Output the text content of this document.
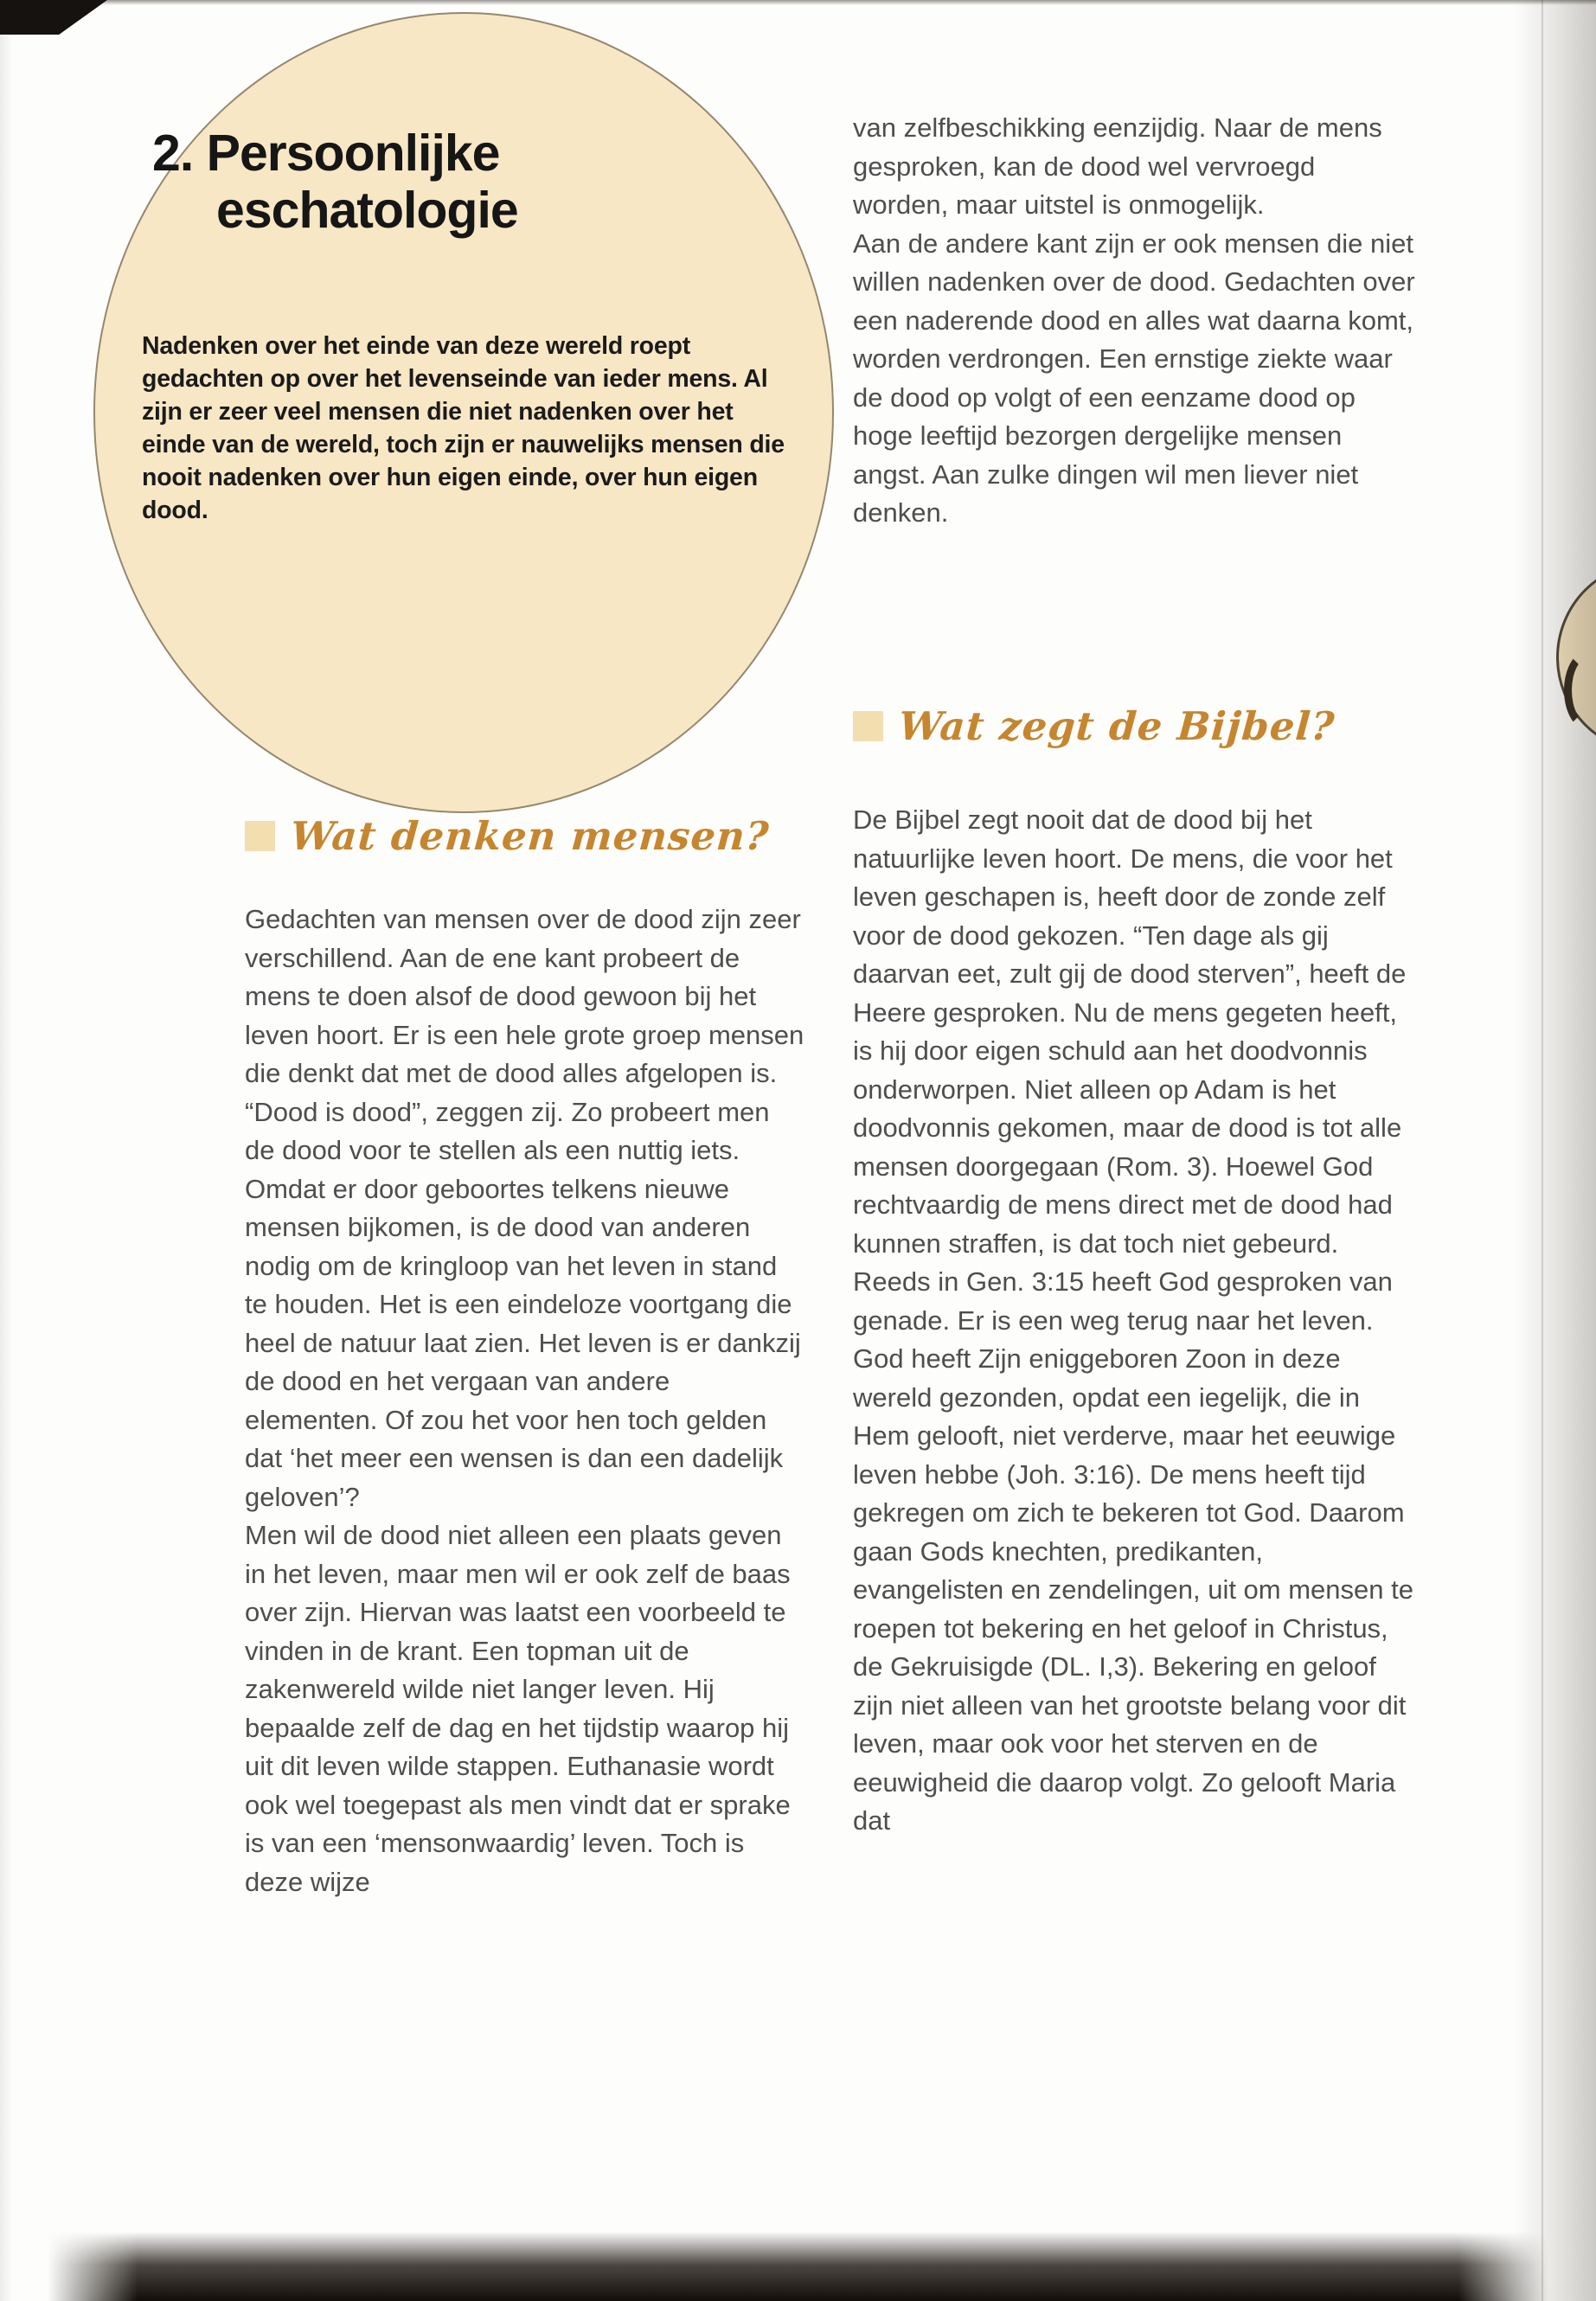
2. Persoonlijke
eschatologie

Nadenken over het einde van deze wereld roept gedachten op over het levenseinde van ieder mens. Al zijn er zeer veel mensen die niet nadenken over het einde van de wereld, toch zijn er nauwelijks mensen die nooit nadenken over hun eigen einde, over hun eigen dood.

van zelfbeschikking eenzijdig. Naar de mens gesproken, kan de dood wel vervroegd worden, maar uitstel is onmogelijk.

Aan de andere kant zijn er ook mensen die niet willen nadenken over de dood. Gedachten over een naderende dood en alles wat daarna komt, worden verdrongen. Een ernstige ziekte waar de dood op volgt of een eenzame dood op hoge leeftijd bezorgen dergelijke mensen angst. Aan zulke dingen wil men liever niet denken.

Wat denken mensen?

Gedachten van mensen over de dood zijn zeer verschillend. Aan de ene kant probeert de mens te doen alsof de dood gewoon bij het leven hoort. Er is een hele grote groep mensen die denkt dat met de dood alles afgelopen is. “Dood is dood”, zeggen zij. Zo probeert men de dood voor te stellen als een nuttig iets. Omdat er door geboortes telkens nieuwe mensen bijkomen, is de dood van anderen nodig om de kringloop van het leven in stand te houden. Het is een eindeloze voortgang die heel de natuur laat zien. Het leven is er dankzij de dood en het vergaan van andere elementen. Of zou het voor hen toch gelden dat ‘het meer een wensen is dan een dadelijk geloven’?

Men wil de dood niet alleen een plaats geven in het leven, maar men wil er ook zelf de baas over zijn. Hiervan was laatst een voorbeeld te vinden in de krant. Een topman uit de zakenwereld wilde niet langer leven. Hij bepaalde zelf de dag en het tijdstip waarop hij uit dit leven wilde stappen. Euthanasie wordt ook wel toegepast als men vindt dat er sprake is van een ‘mensonwaardig’ leven. Toch is deze wijze

Wat zegt de Bijbel?

De Bijbel zegt nooit dat de dood bij het natuurlijke leven hoort. De mens, die voor het leven geschapen is, heeft door de zonde zelf voor de dood gekozen. “Ten dage als gij daarvan eet, zult gij de dood sterven”, heeft de Heere gesproken. Nu de mens gegeten heeft, is hij door eigen schuld aan het doodvonnis onderworpen. Niet alleen op Adam is het doodvonnis gekomen, maar de dood is tot alle mensen doorgegaan (Rom. 3). Hoewel God rechtvaardig de mens direct met de dood had kunnen straffen, is dat toch niet gebeurd. Reeds in Gen. 3:15 heeft God gesproken van genade. Er is een weg terug naar het leven. God heeft Zijn eniggeboren Zoon in deze wereld gezonden, opdat een iegelijk, die in Hem gelooft, niet verderve, maar het eeuwige leven hebbe (Joh. 3:16). De mens heeft tijd gekregen om zich te bekeren tot God. Daarom gaan Gods knechten, predikanten, evangelisten en zendelingen, uit om mensen te roepen tot bekering en het geloof in Christus, de Gekruisigde (DL. I,3). Bekering en geloof zijn niet alleen van het grootste belang voor dit leven, maar ook voor het sterven en de eeuwigheid die daarop volgt. Zo gelooft Maria dat
